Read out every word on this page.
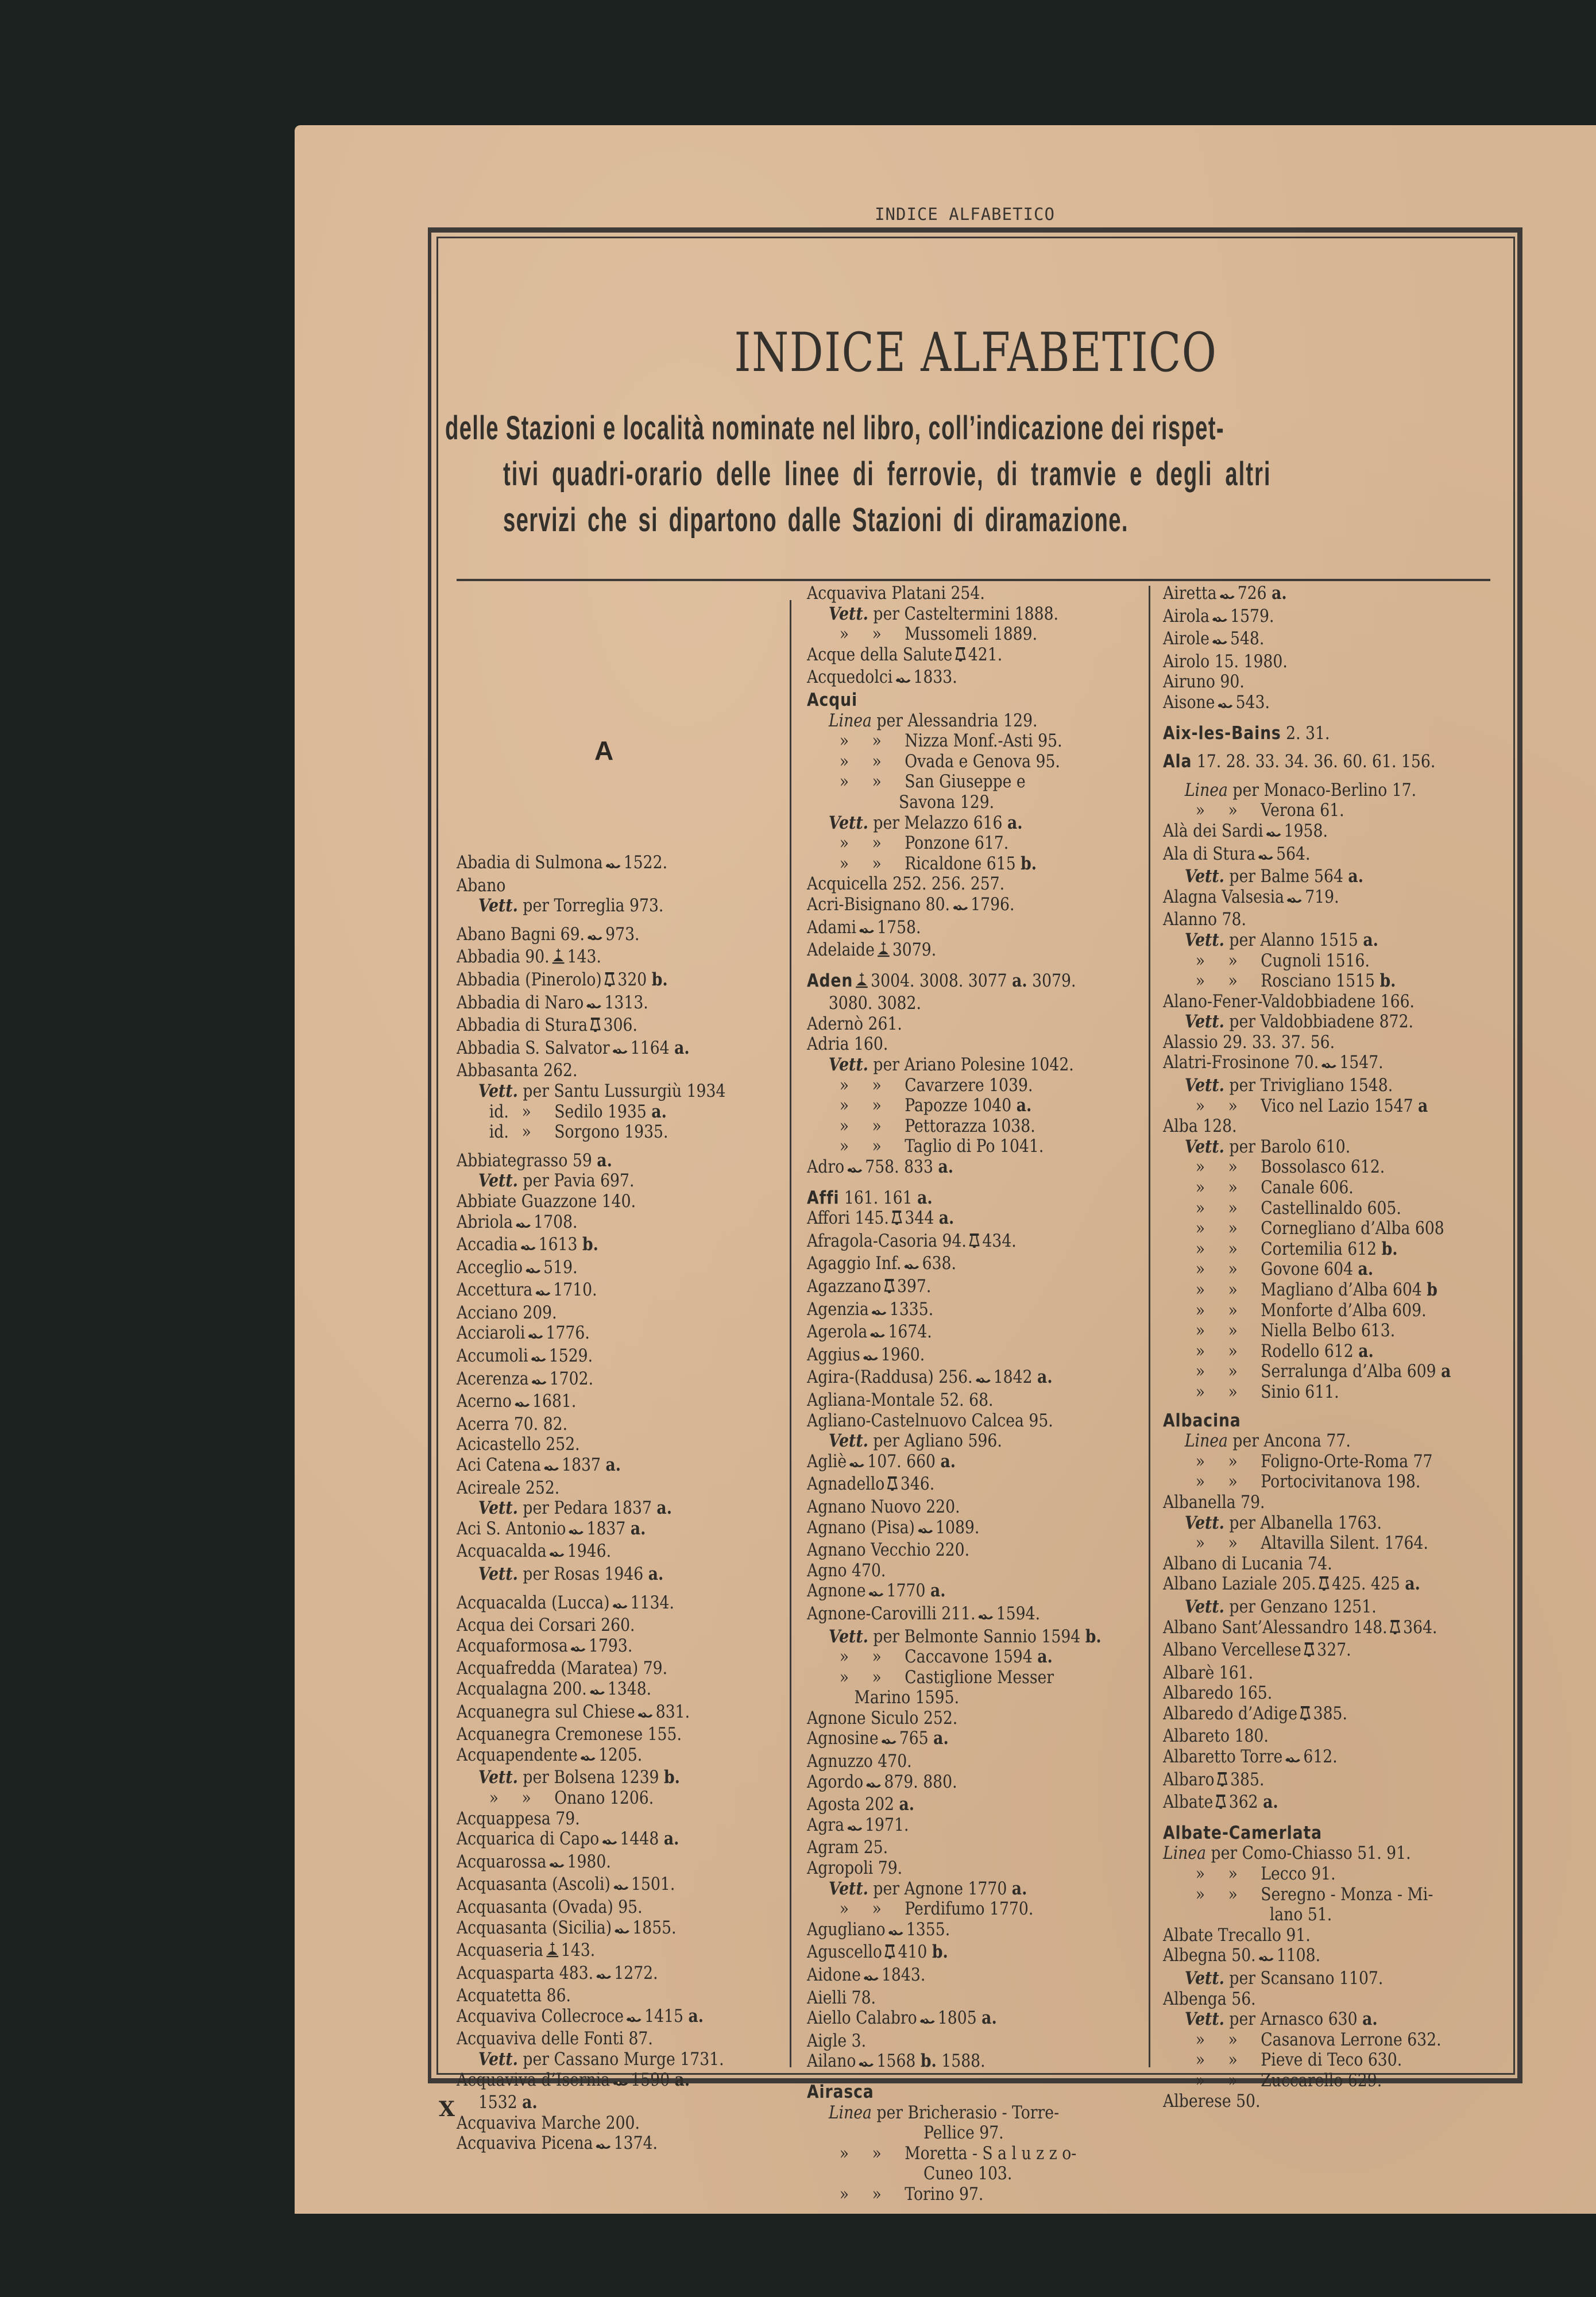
INDICE ALFABETICO
INDICE ALFABETICO
delle Stazioni e località nominate nel libro, coll’indicazione dei rispet-
tivi quadri-orario delle linee di ferrovie, di tramvie e degli altri
servizi che si dipartono dalle Stazioni di diramazione.
A
Abadia di Sulmona 1522.
Abano
Vett. per Torreglia 973.
Abano Bagni 69. 973.
Abbadia 90. 143.
Abbadia (Pinerolo) 320 b.
Abbadia di Naro 1313.
Abbadia di Stura 306.
Abbadia S. Salvator 1164 a.
Abbasanta 262.
Vett. per Santu Lussurgiù 1934
id. » Sedilo 1935 a.
id. » Sorgono 1935.
Abbiategrasso 59 a.
Vett. per Pavia 697.
Abbiate Guazzone 140.
Abriola 1708.
Accadia 1613 b.
Acceglio 519.
Accettura 1710.
Acciano 209.
Acciaroli 1776.
Accumoli 1529.
Acerenza 1702.
Acerno 1681.
Acerra 70. 82.
Acicastello 252.
Aci Catena 1837 a.
Acireale 252.
Vett. per Pedara 1837 a.
Aci S. Antonio 1837 a.
Acquacalda 1946.
Vett. per Rosas 1946 a.
Acquacalda (Lucca) 1134.
Acqua dei Corsari 260.
Acquaformosa 1793.
Acquafredda (Maratea) 79.
Acqualagna 200. 1348.
Acquanegra sul Chiese 831.
Acquanegra Cremonese 155.
Acquapendente 1205.
Vett. per Bolsena 1239 b.
» » Onano 1206.
Acquappesa 79.
Acquarica di Capo 1448 a.
Acquarossa 1980.
Acquasanta (Ascoli) 1501.
Acquasanta (Ovada) 95.
Acquasanta (Sicilia) 1855.
Acquaseria 143.
Acquasparta 483. 1272.
Acquatetta 86.
Acquaviva Collecroce 1415 a.
Acquaviva delle Fonti 87.
Vett. per Cassano Murge 1731.
Acquaviva d’Isernia 1590 a.
1532 a.
Acquaviva Marche 200.
Acquaviva Picena 1374.
Acquaviva Platani 254.
Vett. per Casteltermini 1888.
» » Mussomeli 1889.
Acque della Salute 421.
Acquedolci 1833.
Acqui
Linea per Alessandria 129.
» » Nizza Monf.-Asti 95.
» » Ovada e Genova 95.
» » San Giuseppe e
Savona 129.
Vett. per Melazzo 616 a.
» » Ponzone 617.
» » Ricaldone 615 b.
Acquicella 252. 256. 257.
Acri-Bisignano 80. 1796.
Adami 1758.
Adelaide 3079.
Aden 3004. 3008. 3077 a. 3079.
3080. 3082.
Adernò 261.
Adria 160.
Vett. per Ariano Polesine 1042.
» » Cavarzere 1039.
» » Papozze 1040 a.
» » Pettorazza 1038.
» » Taglio di Po 1041.
Adro 758. 833 a.
Affi 161. 161 a.
Affori 145. 344 a.
Afragola-Casoria 94. 434.
Agaggio Inf. 638.
Agazzano 397.
Agenzia 1335.
Agerola 1674.
Aggius 1960.
Agira-(Raddusa) 256. 1842 a.
Agliana-Montale 52. 68.
Agliano-Castelnuovo Calcea 95.
Vett. per Agliano 596.
Agliè 107. 660 a.
Agnadello 346.
Agnano Nuovo 220.
Agnano (Pisa) 1089.
Agnano Vecchio 220.
Agno 470.
Agnone 1770 a.
Agnone-Carovilli 211. 1594.
Vett. per Belmonte Sannio 1594 b.
» » Caccavone 1594 a.
» » Castiglione Messer
Marino 1595.
Agnone Siculo 252.
Agnosine 765 a.
Agnuzzo 470.
Agordo 879. 880.
Agosta 202 a.
Agra 1971.
Agram 25.
Agropoli 79.
Vett. per Agnone 1770 a.
» » Perdifumo 1770.
Agugliano 1355.
Aguscello 410 b.
Aidone 1843.
Aielli 78.
Aiello Calabro 1805 a.
Aigle 3.
Ailano 1568 b. 1588.
Airasca
Linea per Bricherasio - Torre-
Pellice 97.
» » Moretta - S a l u z z o-
Cuneo 103.
» » Torino 97.
Airetta 726 a.
Airola 1579.
Airole 548.
Airolo 15. 1980.
Airuno 90.
Aisone 543.
Aix-les-Bains 2. 31.
Ala 17. 28. 33. 34. 36. 60. 61. 156.
Linea per Monaco-Berlino 17.
» » Verona 61.
Alà dei Sardi 1958.
Ala di Stura 564.
Vett. per Balme 564 a.
Alagna Valsesia 719.
Alanno 78.
Vett. per Alanno 1515 a.
» » Cugnoli 1516.
» » Rosciano 1515 b.
Alano-Fener-Valdobbiadene 166.
Vett. per Valdobbiadene 872.
Alassio 29. 33. 37. 56.
Alatri-Frosinone 70. 1547.
Vett. per Trivigliano 1548.
» » Vico nel Lazio 1547 a
Alba 128.
Vett. per Barolo 610.
» » Bossolasco 612.
» » Canale 606.
» » Castellinaldo 605.
» » Cornegliano d’Alba 608
» » Cortemilia 612 b.
» » Govone 604 a.
» » Magliano d’Alba 604 b
» » Monforte d’Alba 609.
» » Niella Belbo 613.
» » Rodello 612 a.
» » Serralunga d’Alba 609 a
» » Sinio 611.
Albacina
Linea per Ancona 77.
» » Foligno-Orte-Roma 77
» » Portocivitanova 198.
Albanella 79.
Vett. per Albanella 1763.
» » Altavilla Silent. 1764.
Albano di Lucania 74.
Albano Laziale 205. 425. 425 a.
Vett. per Genzano 1251.
Albano Sant’Alessandro 148. 364.
Albano Vercellese 327.
Albarè 161.
Albaredo 165.
Albaredo d’Adige 385.
Albareto 180.
Albaretto Torre 612.
Albaro 385.
Albate 362 a.
Albate-Camerlata
Linea per Como-Chiasso 51. 91.
» » Lecco 91.
» » Seregno - Monza - Mi-
lano 51.
Albate Trecallo 91.
Albegna 50. 1108.
Vett. per Scansano 1107.
Albenga 56.
Vett. per Arnasco 630 a.
» » Casanova Lerrone 632.
» » Pieve di Teco 630.
» » Zuccarello 629.
Alberese 50.
X
